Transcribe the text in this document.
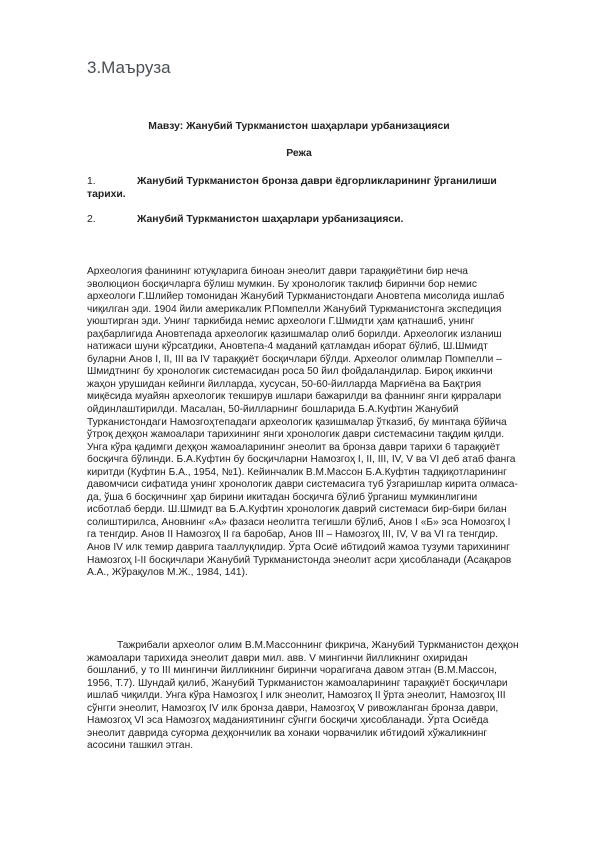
3.Маъруза
Мавзу: Жанубий Туркманистон шаҳарлари урбанизацияси
Режа
1.	Жанубий Туркманистон бронза даври ёдгорликларининг ўрганилиши тарихи.
2.	Жанубий Туркманистон шаҳарлари урбанизацияси.

Археология фанининг ютуқларига биноан энеолит даври тараққиётини бир неча эволюцион босқичларга бўлиш мумкин. Бу хронологик таклиф биринчи бор немис археологи Г.Шлийер томонидан Жанубий Туркманистондаги Ановтепа мисолида ишлаб чиқилган эди. 1904 йили америкалик Р.Помпелли Жанубий Туркманистонга экспедиция уюштирган эди. Унинг таркибида немис археологи Г.Шмидти ҳам қатнашиб, унинг раҳбарлигида Ановтепада археологик қазишмалар олиб борилди. Археологик изланиш натижаси шуни кўрсатдики, Ановтепа-4 маданий қатламдан иборат бўлиб, Ш.Шмидт буларни Анов I, II, III ва IV тараққиёт босқичлари бўлди. Археолог олимлар Помпелли – Шмидтнинг бу хронологик системасидан роса 50 йил фойдаландилар. Бироқ иккинчи жаҳон урушидан кейинги йилларда, хусусан, 50-60-йилларда Марғиёна ва Бақтрия миқёсида муайян археологик текширув ишлари бажарилди ва фаннинг янги қирралари ойдинлаштирилди. Масалан, 50-йилларнинг бошларида Б.А.Куфтин Жанубий Турканистондаги Намозгоҳтепадаги археологик қазишмалар ўтказиб, бу минтақа бўйича ўтроқ деҳқон жамоалари тарихининг янги хронологик даври системасини тақдим қилди. Унга кўра қадимги деҳқон жамоаларининг энеолит ва бронза даври тарихи 6 тараққиёт босқичга бўлинди. Б.А.Куфтин бу босқичларни Намозгоҳ I, II, III, IV, V ва VI деб атаб фанга киритди (Куфтин Б.А., 1954, №1). Кейинчалик В.М.Массон Б.А.Куфтин тадқиқотларининг давомчиси сифатида унинг хронологик даври системасига туб ўзгаришлар кирита олмаса-да, ўша 6 босқичнинг ҳар бирини икитадан босқичга бўлиб ўрганиш мумкинлигини исботлаб берди. Ш.Шмидт ва Б.А.Куфтин хронологик даврий системаси бир-бири билан солиштирилса, Ановнинг «А» фазаси неолитга тегишли бўлиб, Анов I «Б» эса Номозгоҳ I га тенгдир. Анов II Намозгоҳ II га баробар, Анов III – Намозгоҳ III, IV, V ва VI га тенгдир. Анов IV илк темир даврига тааллуқлидир. Ўрта Осиё ибтидоий жамоа тузуми тарихининг Намозгоҳ I-II босқичлари Жанубий Туркманистонда энеолит асри ҳисобланади (Асақаров А.А., Жўрақулов М.Ж., 1984, 141).

Тажрибали археолог олим В.М.Массоннинг фикрича, Жанубий Туркманистон деҳқон жамоалари тарихида энеолит даври мил. авв. V мингинчи йилликнинг охиридан бошланиб, у то III мингинчи йилликнинг биринчи чорагигача давом этган (В.М.Массон, 1956, Т.7). Шундай қилиб, Жанубий Туркманистон жамоаларининг тараққиёт босқичлари ишлаб чиқилди. Унга кўра Намозгоҳ I илк энеолит, Намозгоҳ II ўрта энеолит, Намозгоҳ III сўнгги энеолит, Намозгоҳ IV илк бронза даври, Намозгоҳ V ривожланган бронза даври, Намозгоҳ VI эса Намозгоҳ маданиятининг сўнгги босқичи ҳисобланади. Ўрта Осиёда энеолит даврида суғорма деҳқончилик ва хонаки чорвачилик ибтидоий хўжаликнинг асосини ташкил этган.
